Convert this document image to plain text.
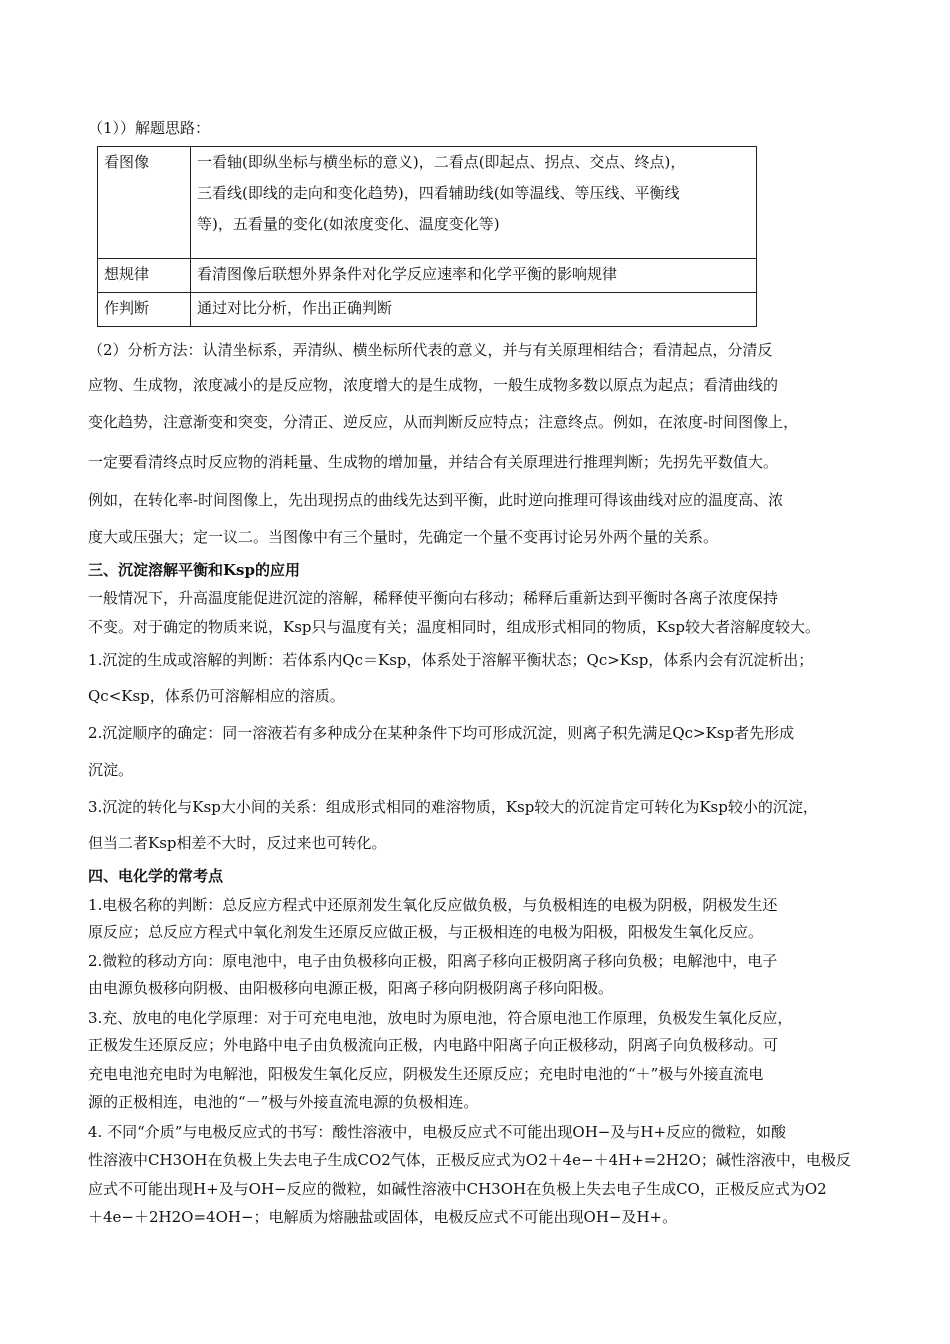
（1））解题思路：
看图像	一看轴(即纵坐标与横坐标的意义)，二看点(即起点、拐点、交点、终点)，
三看线(即线的走向和变化趋势)，四看辅助线(如等温线、等压线、平衡线
等)，五看量的变化(如浓度变化、温度变化等)

想规律	看清图像后联想外界条件对化学反应速率和化学平衡的影响规律
作判断	通过对比分析，作出正确判断
（2）分析方法：认清坐标系，弄清纵、横坐标所代表的意义，并与有关原理相结合；看清起点，分清反
应物、生成物，浓度减小的是反应物，浓度增大的是生成物，一般生成物多数以原点为起点；看清曲线的
变化趋势，注意渐变和突变，分清正、逆反应，从而判断反应特点；注意终点。例如，在浓度-时间图像上，
一定要看清终点时反应物的消耗量、生成物的增加量，并结合有关原理进行推理判断；先拐先平数值大。
例如，在转化率-时间图像上，先出现拐点的曲线先达到平衡，此时逆向推理可得该曲线对应的温度高、浓
度大或压强大；定一议二。当图像中有三个量时，先确定一个量不变再讨论另外两个量的关系。
三、沉淀溶解平衡和Ksp的应用
一般情况下，升高温度能促进沉淀的溶解，稀释使平衡向右移动；稀释后重新达到平衡时各离子浓度保持
不变。对于确定的物质来说，Ksp只与温度有关；温度相同时，组成形式相同的物质，Ksp较大者溶解度较大。
1.沉淀的生成或溶解的判断：若体系内Qc＝Ksp，体系处于溶解平衡状态；Qc>Ksp，体系内会有沉淀析出；
Qc<Ksp，体系仍可溶解相应的溶质。
2.沉淀顺序的确定：同一溶液若有多种成分在某种条件下均可形成沉淀，则离子积先满足Qc>Ksp者先形成
沉淀。
3.沉淀的转化与Ksp大小间的关系：组成形式相同的难溶物质，Ksp较大的沉淀肯定可转化为Ksp较小的沉淀，
但当二者Ksp相差不大时，反过来也可转化。
四、电化学的常考点
1.电极名称的判断：总反应方程式中还原剂发生氧化反应做负极，与负极相连的电极为阴极，阴极发生还
原反应；总反应方程式中氧化剂发生还原反应做正极，与正极相连的电极为阳极，阳极发生氧化反应。
2.微粒的移动方向：原电池中，电子由负极移向正极，阳离子移向正极阴离子移向负极；电解池中，电子
由电源负极移向阴极、由阳极移向电源正极，阳离子移向阴极阴离子移向阳极。
3.充、放电的电化学原理：对于可充电电池，放电时为原电池，符合原电池工作原理，负极发生氧化反应，
正极发生还原反应；外电路中电子由负极流向正极，内电路中阳离子向正极移动，阴离子向负极移动。可
充电电池充电时为电解池，阳极发生氧化反应，阴极发生还原反应；充电时电池的“＋”极与外接直流电
源的正极相连，电池的“－”极与外接直流电源的负极相连。
4. 不同“介质”与电极反应式的书写：酸性溶液中，电极反应式不可能出现OH−及与H+反应的微粒，如酸
性溶液中CH3OH在负极上失去电子生成CO2气体，正极反应式为O2＋4e−＋4H+=2H2O；碱性溶液中，电极反
应式不可能出现H+及与OH−反应的微粒，如碱性溶液中CH3OH在负极上失去电子生成CO，正极反应式为O2
＋4e−＋2H2O=4OH−；电解质为熔融盐或固体，电极反应式不可能出现OH−及H+。
